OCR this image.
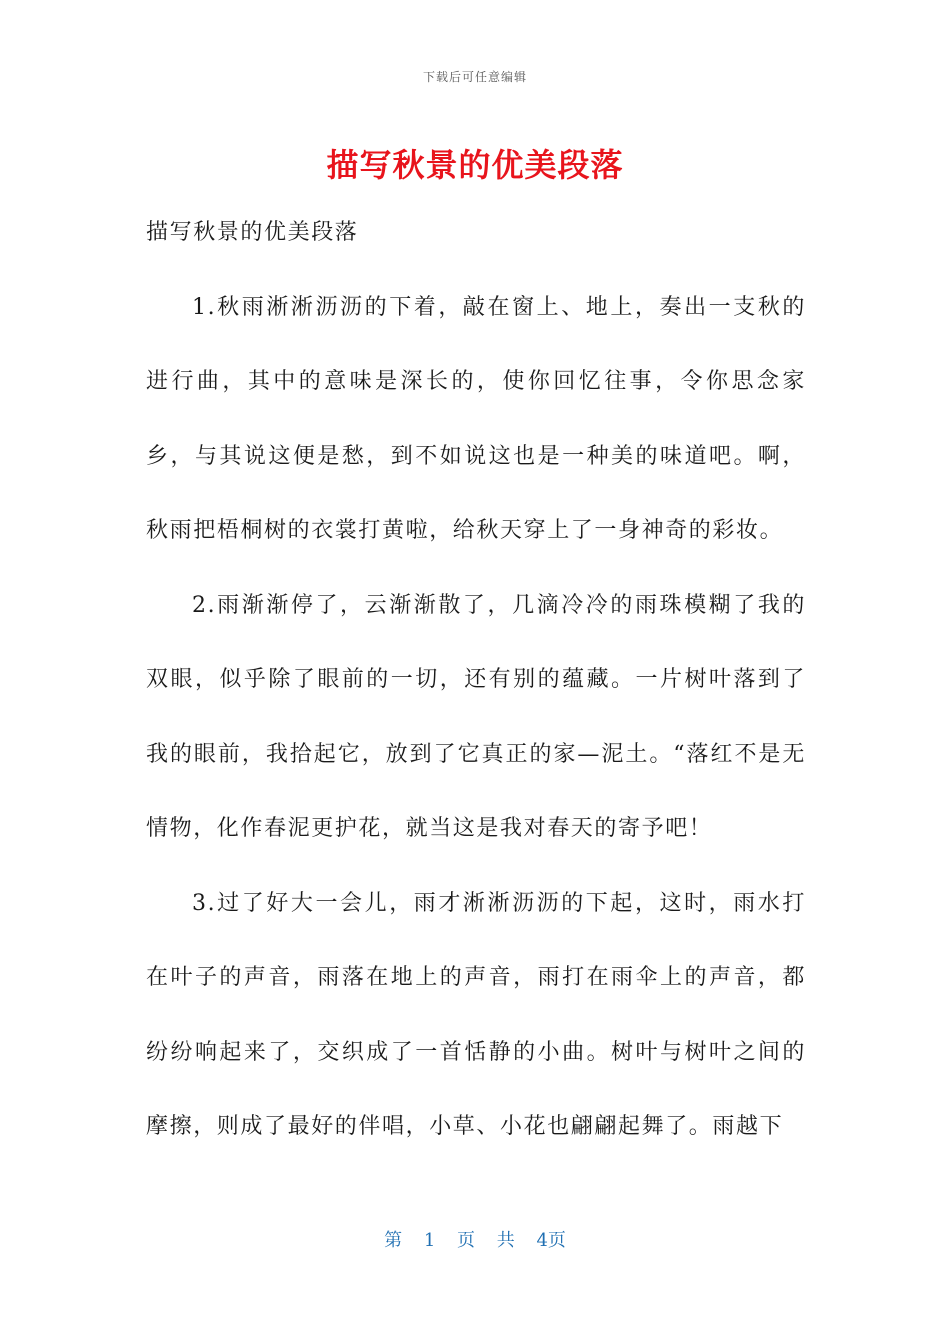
下载后可任意编辑
描写秋景的优美段落

描写秋景的优美段落

1.秋雨淅淅沥沥的下着，敲在窗上、地上，奏出一支秋的进行曲，其中的意味是深长的，使你回忆往事，令你思念家乡，与其说这便是愁，到不如说这也是一种美的味道吧。啊，秋雨把梧桐树的衣裳打黄啦，给秋天穿上了一身神奇的彩妆。

2.雨渐渐停了，云渐渐散了，几滴冷冷的雨珠模糊了我的双眼，似乎除了眼前的一切，还有别的蕴藏。一片树叶落到了我的眼前，我拾起它，放到了它真正的家—泥土。“落红不是无情物，化作春泥更护花，就当这是我对春天的寄予吧！

3.过了好大一会儿，雨才淅淅沥沥的下起，这时，雨水打在叶子的声音，雨落在地上的声音，雨打在雨伞上的声音，都纷纷响起来了，交织成了一首恬静的小曲。树叶与树叶之间的摩擦，则成了最好的伴唱，小草、小花也翩翩起舞了。雨越下

第 1 页 共 4页
